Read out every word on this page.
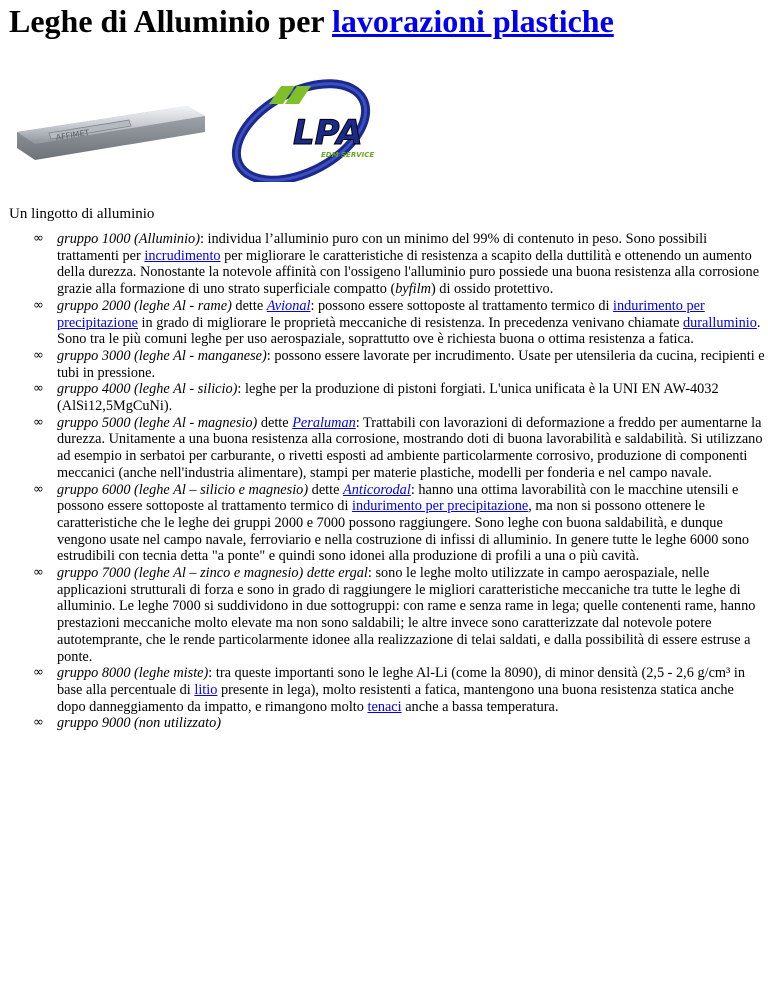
Leghe di Alluminio per lavorazioni plastiche
AFFIMET	LPA
EDM SERVICE

Un lingotto di alluminio

∞ gruppo 1000 (Alluminio): individua l’alluminio puro con un minimo del 99% di contenuto in peso. Sono possibili trattamenti per incrudimento per migliorare le caratteristiche di resistenza a scapito della duttilità e ottenendo un aumento della durezza. Nonostante la notevole affinità con l'ossigeno l'alluminio puro possiede una buona resistenza alla corrosione grazie alla formazione di uno strato superficiale compatto (byfilm) di ossido protettivo.
∞ gruppo 2000 (leghe Al - rame) dette Avional: possono essere sottoposte al trattamento termico di indurimento per precipitazione in grado di migliorare le proprietà meccaniche di resistenza. In precedenza venivano chiamate duralluminio. Sono tra le più comuni leghe per uso aerospaziale, soprattutto ove è richiesta buona o ottima resistenza a fatica.
∞ gruppo 3000 (leghe Al - manganese): possono essere lavorate per incrudimento. Usate per utensileria da cucina, recipienti e tubi in pressione.
∞ gruppo 4000 (leghe Al - silicio): leghe per la produzione di pistoni forgiati. L'unica unificata è la UNI EN AW-4032 (AlSi12,5MgCuNi).
∞ gruppo 5000 (leghe Al - magnesio) dette Peraluman: Trattabili con lavorazioni di deformazione a freddo per aumentarne la durezza. Unitamente a una buona resistenza alla corrosione, mostrando doti di buona lavorabilità e saldabilità. Si utilizzano ad esempio in serbatoi per carburante, o rivetti esposti ad ambiente particolarmente corrosivo, produzione di componenti meccanici (anche nell'industria alimentare), stampi per materie plastiche, modelli per fonderia e nel campo navale.
∞ gruppo 6000 (leghe Al – silicio e magnesio) dette Anticorodal: hanno una ottima lavorabilità con le macchine utensili e possono essere sottoposte al trattamento termico di indurimento per precipitazione, ma non si possono ottenere le caratteristiche che le leghe dei gruppi 2000 e 7000 possono raggiungere. Sono leghe con buona saldabilità, e dunque vengono usate nel campo navale, ferroviario e nella costruzione di infissi di alluminio. In genere tutte le leghe 6000 sono estrudibili con tecnia detta "a ponte" e quindi sono idonei alla produzione di profili a una o più cavità.
∞ gruppo 7000 (leghe Al – zinco e magnesio) dette ergal: sono le leghe molto utilizzate in campo aerospaziale, nelle applicazioni strutturali di forza e sono in grado di raggiungere le migliori caratteristiche meccaniche tra tutte le leghe di alluminio. Le leghe 7000 si suddividono in due sottogruppi: con rame e senza rame in lega; quelle contenenti rame, hanno prestazioni meccaniche molto elevate ma non sono saldabili; le altre invece sono caratterizzate dal notevole potere autotemprante, che le rende particolarmente idonee alla realizzazione di telai saldati, e dalla possibilità di essere estruse a ponte.
∞ gruppo 8000 (leghe miste): tra queste importanti sono le leghe Al-Li (come la 8090), di minor densità (2,5 - 2,6 g/cm³ in base alla percentuale di litio presente in lega), molto resistenti a fatica, mantengono una buona resistenza statica anche dopo danneggiamento da impatto, e rimangono molto tenaci anche a bassa temperatura.
∞ gruppo 9000 (non utilizzato)
